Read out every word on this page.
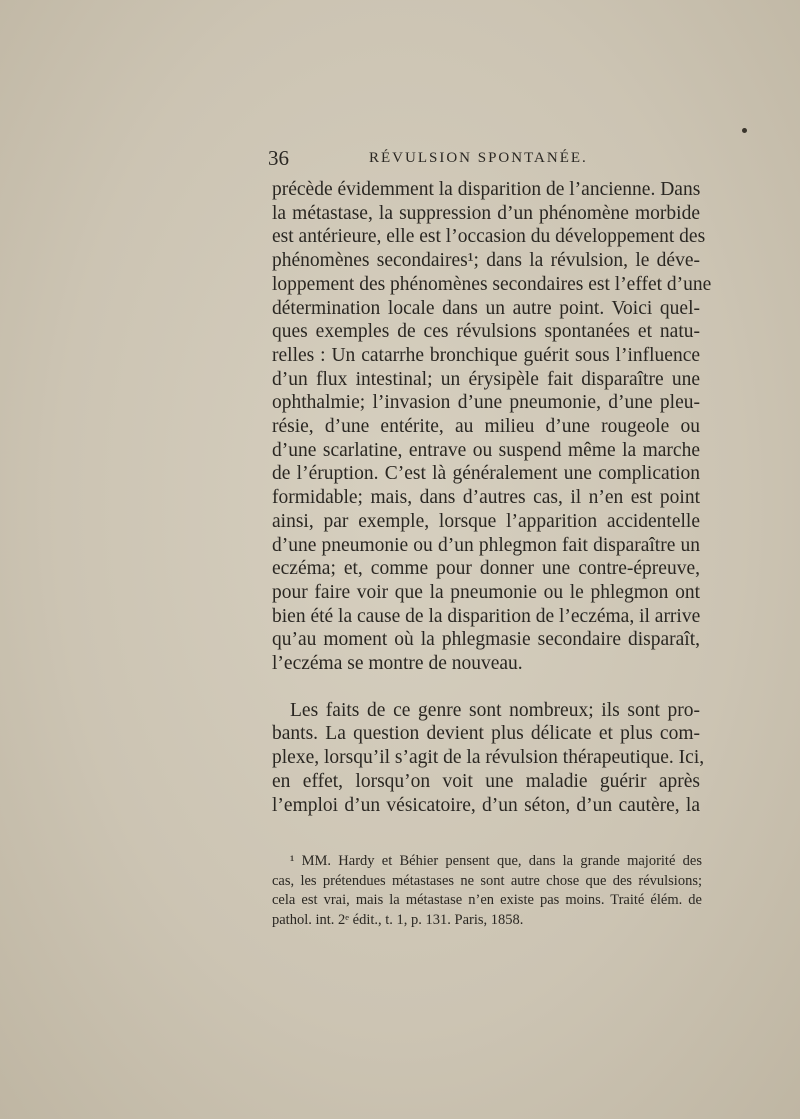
36	RÉVULSION SPONTANÉE.
précède évidemment la disparition de l’ancienne. Dans
la métastase, la suppression d’un phénomène morbide
est antérieure, elle est l’occasion du développement des
phénomènes secondaires¹; dans la révulsion, le déve-
loppement des phénomènes secondaires est l’effet d’une
détermination locale dans un autre point. Voici quel-
ques exemples de ces révulsions spontanées et natu-
relles : Un catarrhe bronchique guérit sous l’influence
d’un flux intestinal; un érysipèle fait disparaître une
ophthalmie; l’invasion d’une pneumonie, d’une pleu-
résie, d’une entérite, au milieu d’une rougeole ou
d’une scarlatine, entrave ou suspend même la marche
de l’éruption. C’est là généralement une complication
formidable; mais, dans d’autres cas, il n’en est point
ainsi, par exemple, lorsque l’apparition accidentelle
d’une pneumonie ou d’un phlegmon fait disparaître un
eczéma; et, comme pour donner une contre-épreuve,
pour faire voir que la pneumonie ou le phlegmon ont
bien été la cause de la disparition de l’eczéma, il arrive
qu’au moment où la phlegmasie secondaire disparaît,
l’eczéma se montre de nouveau.
Les faits de ce genre sont nombreux; ils sont pro-
bants. La question devient plus délicate et plus com-
plexe, lorsqu’il s’agit de la révulsion thérapeutique. Ici,
en effet, lorsqu’on voit une maladie guérir après
l’emploi d’un vésicatoire, d’un séton, d’un cautère, la
¹ MM. Hardy et Béhier pensent que, dans la grande majorité des
cas, les prétendues métastases ne sont autre chose que des révulsions;
cela est vrai, mais la métastase n’en existe pas moins. Traité élém. de
pathol. int. 2ᵉ édit., t. 1, p. 131. Paris, 1858.
